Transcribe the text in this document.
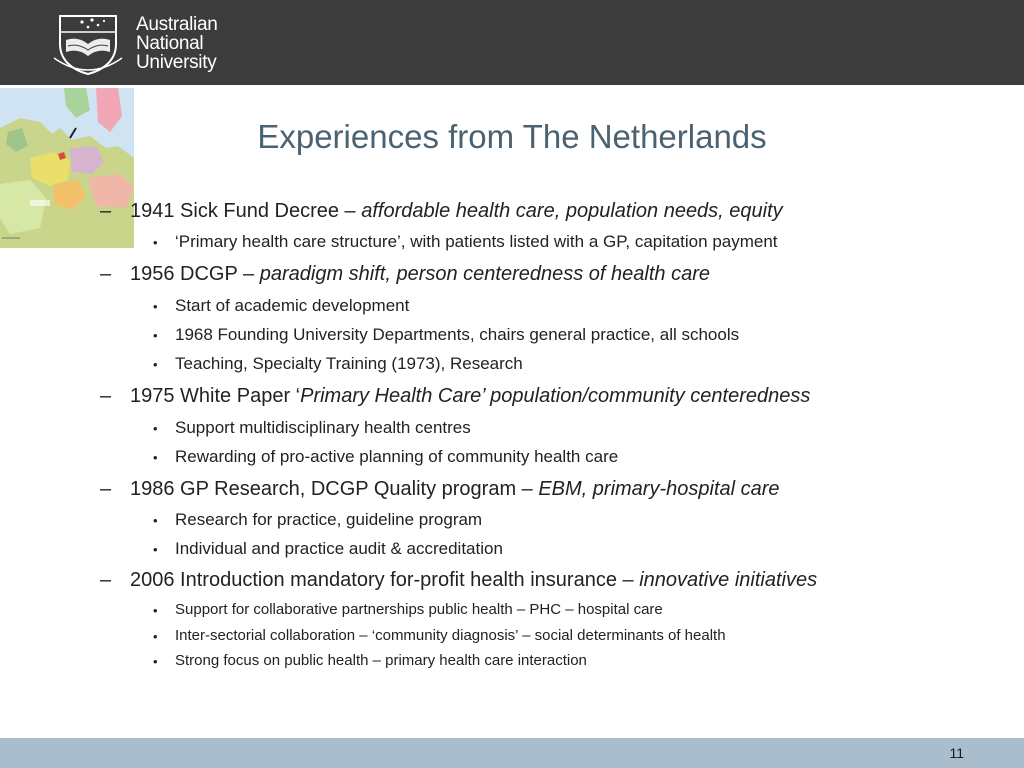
Australian
National
University
Experiences from The Netherlands
– 1941 Sick Fund Decree – affordable health care, population needs, equity
• ‘Primary health care structure’, with patients listed with a GP, capitation payment
– 1956 DCGP – paradigm shift, person centeredness of health care
• Start of academic development
• 1968 Founding University Departments, chairs general practice, all schools
• Teaching, Specialty Training (1973), Research
– 1975 White Paper ‘Primary Health Care’ population/community centeredness
• Support multidisciplinary health centres
• Rewarding of pro-active planning of community health care
– 1986 GP Research, DCGP Quality program – EBM, primary-hospital care
• Research for practice, guideline program
• Individual and practice audit & accreditation
– 2006 Introduction mandatory for-profit health insurance – innovative initiatives
• Support for collaborative partnerships public health – PHC – hospital care
• Inter-sectorial collaboration – ‘community diagnosis’ – social determinants of health
• Strong focus on public health – primary health care interaction
11
